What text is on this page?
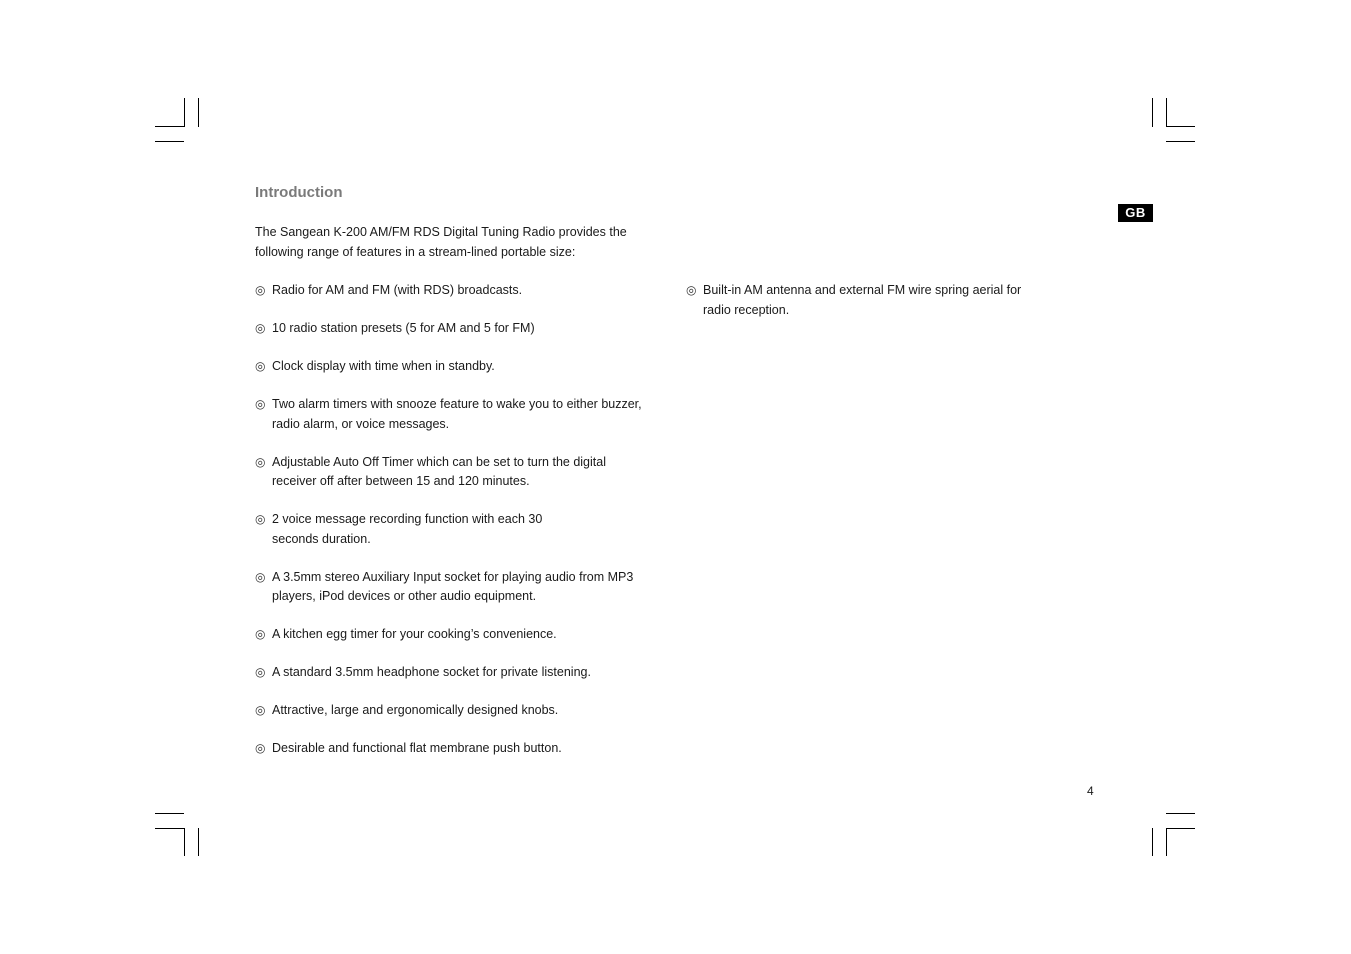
Introduction
The Sangean K-200 AM/FM RDS Digital Tuning Radio provides the following range of features in a stream-lined portable size:
◎ Radio for AM and FM (with RDS) broadcasts.
◎ 10 radio station presets (5 for AM and 5 for FM)
◎ Clock display with time when in standby.
◎ Two alarm timers with snooze feature to wake you to either buzzer, radio alarm, or voice messages.
◎ Adjustable Auto Off Timer which can be set to turn the digital receiver off after between 15 and 120 minutes.
◎ 2 voice message recording function with each 30 seconds duration.
◎ A 3.5mm stereo Auxiliary Input socket for playing audio from MP3 players, iPod devices or other audio equipment.
◎ A kitchen egg timer for your cooking’s convenience.
◎ A standard 3.5mm headphone socket for private listening.
◎ Attractive, large and ergonomically designed knobs.
◎ Desirable and functional flat membrane push button.
◎ Built-in AM antenna and external FM wire spring aerial for radio reception.
GB
4
